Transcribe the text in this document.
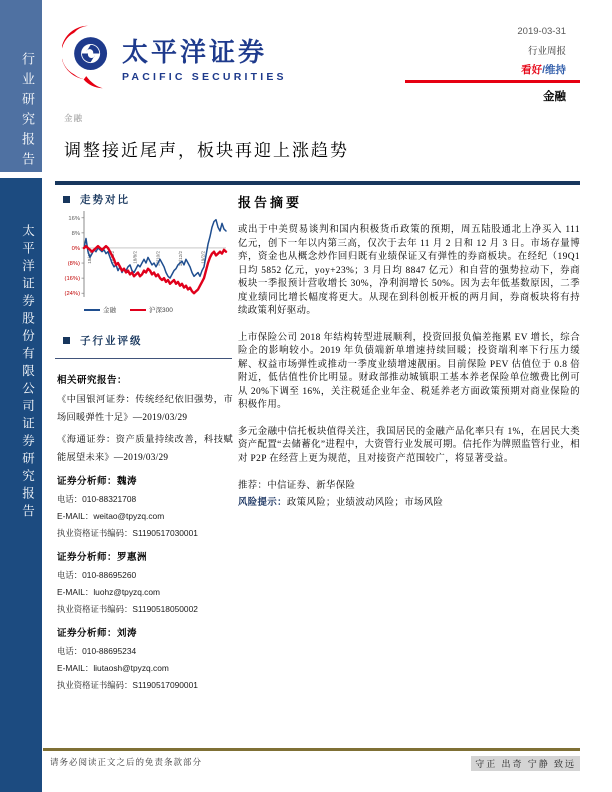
行业研究报告
太平洋证券股份有限公司证券研究报告
太平洋证券
PACIFIC SECURITIES
2019-03-31
行业周报
看好/维持
金融
金融
调整接近尾声，板块再迎上涨趋势
走势对比
16%
8%
0%
(8%)
(16%)
(24%)
18/4/2	18/6/2	18/8/2	18/10/2	18/12/2	19/2/2
金融	沪深300
子行业评级
相关研究报告：
《中国银河证券：传统经纪依旧强势，市场回暖弹性十足》—2019/03/29
《海通证券：资产质量持续改善，科技赋能展望未来》—2019/03/29
证券分析师：魏涛
电话：010-88321708
E-MAIL：weitao@tpyzq.com
执业资格证书编码：S1190517030001
证券分析师：罗惠洲
电话：010-88695260
E-MAIL：luohz@tpyzq.com
执业资格证书编码：S1190518050002
证券分析师：刘涛
电话：010-88695234
E-MAIL：liutaosh@tpyzq.com
执业资格证书编码：S1190517090001
报告摘要

或出于中美贸易谈判和国内积极货币政策的预期，周五陆股通北上净买入 111 亿元，创下一年以内第三高，仅次于去年 11 月 2 日和 12 月 3 日。市场存量博弈，资金也从概念炒作回归既有业绩保证又有弹性的券商板块。在经纪（19Q1 日均 5852 亿元，yoy+23%；3 月日均 8847 亿元）和自营的强势拉动下，券商板块一季报预计营收增长 30%，净利润增长 50%。因为去年低基数原因，二季度业绩同比增长幅度将更大。从现在到科创板开板的两月间，券商板块将有持续政策利好驱动。

上市保险公司 2018 年结构转型进展顺利，投资回报负偏差拖累 EV 增长，综合险企的影响较小。2019 年负债端新单增速持续回暖；投资端利率下行压力缓解、权益市场弹性或推动一季度业绩增速靓丽。目前保险 PEV 估值位于 0.8 倍附近，低估值性价比明显。财政部推动城镇职工基本养老保险单位缴费比例可从 20%下调至 16%，关注税延企业年金、税延养老方面政策预期对商业保险的积极作用。

多元金融中信托板块值得关注，我国居民的金融产品化率只有 1%，在居民大类资产配置“去储蓄化”进程中，大资管行业发展可期。信托作为牌照监管行业，相对 P2P 在经营上更为规范，且对接资产范围较广，将显著受益。

推荐：中信证券、新华保险
风险提示：政策风险；业绩波动风险；市场风险
请务必阅读正文之后的免责条款部分	守正 出奇 宁静 致远
